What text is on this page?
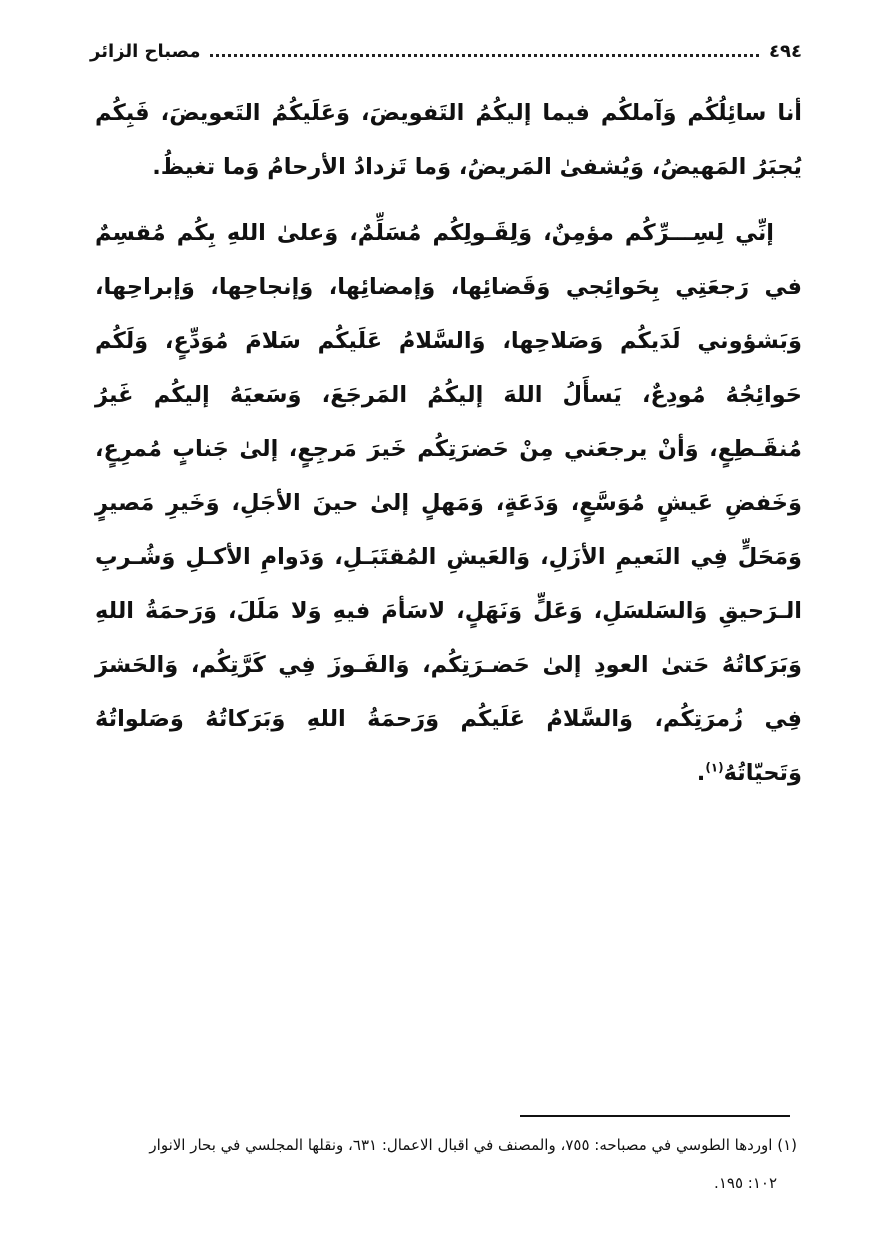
٤٩٤
مصباح الزائر

أنا سائِلُكُم وَآملكُم فيما إليكُمُ التَفويضَ، وَعَلَيكُمُ التَعويضَ، فَبِكُم يُجبَرُ المَهيضُ، وَيُشفىٰ المَريضُ، وَما تَزدادُ الأرحامُ وَما تغيظُ.

إنِّي لِسِـــرِّكُم مؤمِنٌ، وَلِقَـولِكُم مُسَلِّمٌ، وَعلىٰ اللهِ بِكُم مُقسِمٌ في رَجعَتِي بِحَوائِجي وَقَضائِها، وَإمضائِها، وَإنجاحِها، وَإبراحِها، وَبَشؤوني لَدَيكُم وَصَلاحِها، وَالسَّلامُ عَلَيكُم سَلامَ مُوَدِّعٍ، وَلَكُم حَوائِجُهُ مُودِعٌ، يَسأَلُ اللهَ إليكُمُ المَرجَعَ، وَسَعيَهُ إليكُم غَيرُ مُنقَـطِعٍ، وَأنْ يرجعَني مِنْ حَضرَتِكُم خَيرَ مَرجِعٍ، إلىٰ جَنابٍ مُمرِعٍ، وَخَفضِ عَيشٍ مُوَسَّعٍ، وَدَعَةٍ، وَمَهلٍ إلىٰ حينَ الأجَلِ، وَخَيرِ مَصيرٍ وَمَحَلٍّ فِي النَعيمِ الأزَلِ، وَالعَيشِ المُقتَبَـلِ، وَدَوامِ الأكـلِ وَشُـربِ الـرَحيقِ وَالسَلسَلِ، وَعَلٍّ وَنَهَلٍ، لاسَأمَ فيهِ وَلا مَلَلَ، وَرَحمَةُ اللهِ وَبَرَكاتُهُ حَتىٰ العودِ إلىٰ حَضـرَتِكُم، وَالفَـوزَ فِي كَرَّتِكُم، وَالحَشرَ فِي زُمرَتِكُم، وَالسَّلامُ عَلَيكُم وَرَحمَةُ اللهِ وَبَرَكاتُهُ وَصَلواتُهُ وَتَحيّاتُهُ$^{(١)}$.

(١) اوردها الطوسي في مصباحه: ٧٥٥، والمصنف في اقبال الاعمال: ٦٣١، ونقلها المجلسي في بحار الانوار

١٠٢: ١٩٥.
